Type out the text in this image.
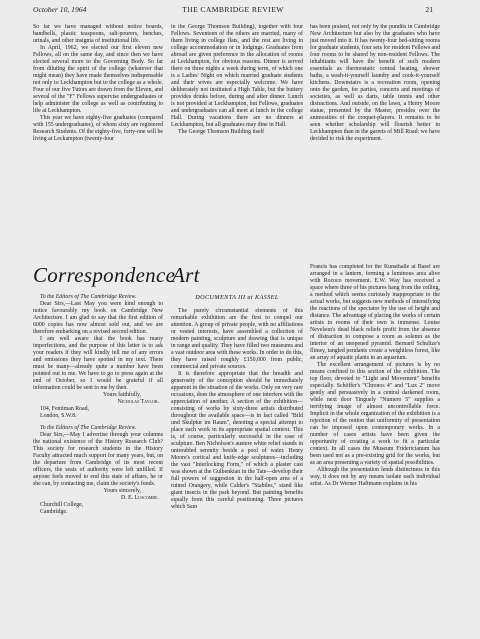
October 10, 1964	THE CAMBRIDGE REVIEW	21

So far we have managed without notice boards, handbells, plastic teaspoons, salt-pourers, benches, urinals, and other insignia of institutional life.

In April, 1962, we elected our first eleven new Fellows, all on the same day, and since then we have elected several more to the Governing Body. So far from diluting the spirit of the college (whatever that might mean) they have made themselves indispensable not only to Leckhampton but to the college as a whole. Four of our five Tutors are drawn from the Eleven, and several of the "F" Fellows supervise undergraduates or help administer the college as well as contributing to life at Leckhampton.

This year we have eighty-five graduates (compared with 155 undergraduates), of whom sixty are registered Research Students. Of the eighty-five, forty-one will be living at Leckampton (twenty-four

in the George Thomson Building), together with four Fellows. Seventeen of the others are married, many of them living in college flats, and the rest are living in college accommodation or in lodgings. Graduates from abroad are given preference in the allocation of rooms at Leckhampton, for obvious reasons. Dinner is served there on three nights a week during term, of which one is a Ladies' Night on which married graduate students and their wives are especially welcome. We have deliberately not instituted a High Table, but the buttery provides drinks before, during and after dinner. Lunch is not provided at Leckhampton, but Fellows, graduates and undergraduates can all meet at lunch in the college Hall. During vacations there are no dinners at Leckhampton, but all graduates may dine in Hall.

The George Thomson Building itself

has been praised, not only by the pundits in Cambridge New Architecture but also by the graduates who have just moved into it. It has twenty-four bed-sitting rooms for graduate students, four sets for resident Fellows and four rooms to be shared by non-resident Fellows. The inhabitants will have the benefit of such modern essentials as thermostatic central heating, shower baths, a wash-it-yourself laundry and cook-it-yourself kitchens. Downstairs is a recreation room, opening onto the garden, for parties, concerts and meetings of societies, as well as darts, table tennis and other distractions. And outside, on the lawn, a Henry Moore statue, presented by the Master, presides over the animosities of the croquet-players. It remains to be seen whether scholarship will flourish better in Leckhampton than in the garrets of Mill Road: we have decided to risk the experiment.

Correspondence

To the Editors of The Cambridge Review.

Dear Sirs,—Last May you were kind enough to notice favourably my book on Cambridge New Architecture. I am glad to say that the first edition of 6000 copies has now almost sold out, and we are therefore embarking on a revised second edition.

I am well aware that the book has many imperfections, and the purpose of this letter is to ask your readers if they will kindly tell me of any errors and omissions they have spotted in my text. There must be many—already quite a number have been pointed out to me. We have to go to press again at the end of October, so I would be grateful if all information could be sent to me by then.

Yours faithfully,

Nicholas Taylor.

104, Fentiman Road,

London, S.W.8.

To the Editors of The Cambridge Review.

Dear Sirs,—May I advertise through your columns the national existence of the History Research Club? This society for research students in the History Faculty attracted much support for many years, but, on the departure from Cambridge of its most recent officers, the seats of authority were left unfilled. If anyone feels moved to end this state of affairs, he or she can, by contacting me, claim the society's funds.

Yours sincerely,

D. E. Luscombe.

Churchill College,

Cambridge.

Art
DOCUMENTA III at KASSEL

The purely circumstantial elements of this remarkable exhibition are the first to compel our attention. A group of private people, with no affiliations or vested interests, have assembled a collection of modern painting, sculpture and drawing that is unique in range and quality. They have filled two museums and a vast outdoor area with these works. In order to do this, they have raised roughly £150,000 from public, commercial and private sources.

It is therefore appropriate that the breadth and generosity of the conception should be immediately apparent in the situation of the works. Only on very rare occasions, does the atmosphere of one interfere with the appreciation of another. A section of the exhibition—consisting of works by sixty-three artists distributed throughout the available space—is in fact called "Bild und Skulptur im Raum", denoting a special attempt to place each work in its appropriate spatial context. This is, of course, particularly successful in the case of sculpture. Ben Nicholson's austere white relief stands in untroubled serenity beside a pool of water. Henry Moore's cortical and knife-edge sculptures—including the vast "Interlocking Form," of which a plaster cast was shown at the Gulbenkian in the Tate—develop their full powers of suggestion in the half-open area of a ruined Orangery, while Calder's "Stabiles," stand like giant insects in the park beyond. But painting benefits equally from this careful positioning. Three pictures which Sam

Francis has completed for the Kunsthalle at Basel are arranged in a lantern, forming a luminous area alive with Rococo movement. E.W. Way has received a space where three of his pictures hang from the ceiling, a method which seems curiously inappropriate to the actual works, but suggests new methods of intensifying the reactions of the spectator by the use of height and distance. The advantage of placing the works of certain artists in rooms of their own is immense. Louise Nevelson's dead black reliefs profit from the absence of distraction to compose a room as solemn as the interior of an unopened pyramid. Bernard Schultze's flimsy, tangled pendants create a weightless forest, like an array of aquatic plants in an aquarium.

The excellent arrangement of pictures is by no means confined to this section of the exhibition. The top floor, devoted to "Light and Movement" benefits especially. Schöffer's "Chronos 4" and "Lux 2" move gently and persuasively in a central darkened room, while next door Tinguely "Numero 5" supplies a terrifying image of almost uncontrollable force. Implicit in the whole organization of the exhibition is a rejection of the notion that uniformity of presentation can be imposed upon contemporary works. In a number of cases artists have been given the opportunity of creating a work to fit a particular context. In all cases the Museum Fridericianum has been used not as a pre-existing grid for the works, but as an area presenting a variety of spatial possibilities.

Although the presentation lends distinctness in this way, it does not by any means isolate each individual artist. As Dr Werner Haftmann explains in his
